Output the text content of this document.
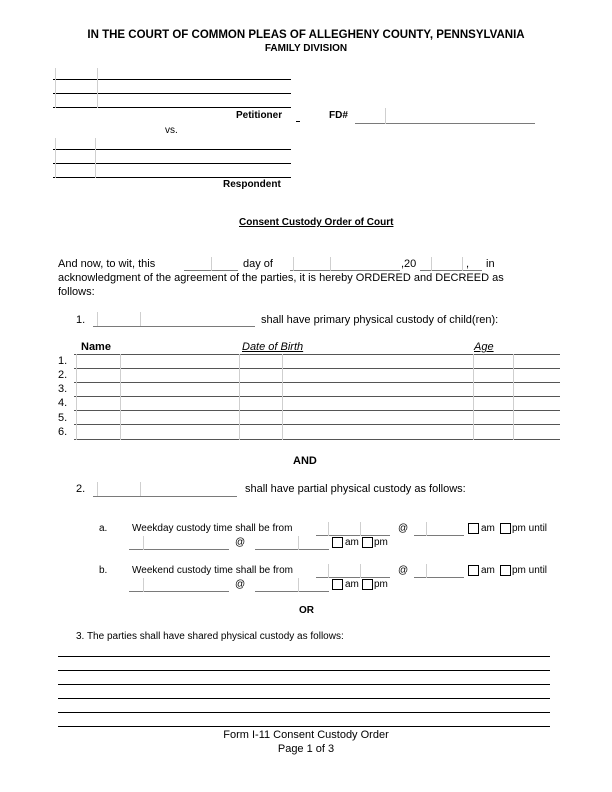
IN THE COURT OF COMMON PLEAS OF ALLEGHENY COUNTY, PENNSYLVANIA
FAMILY DIVISION
Petitioner	FD#
vs.
Respondent
Consent Custody Order of Court
And now, to wit, this	day of	,20	, in
acknowledgment of the agreement of the parties, it is hereby ORDERED and DECREED as
follows:
1.	shall have primary physical custody of child(ren):
Name	Date of Birth	Age
1.
2.
3.
4.
5.
6.
AND
2.	shall have partial physical custody as follows:
a. Weekday custody time shall be from	@	am pm until
@	am pm
b. Weekend custody time shall be from	@	am pm until
@	am pm
OR
3. The parties shall have shared physical custody as follows:
Form I-11 Consent Custody Order
Page 1 of 3
